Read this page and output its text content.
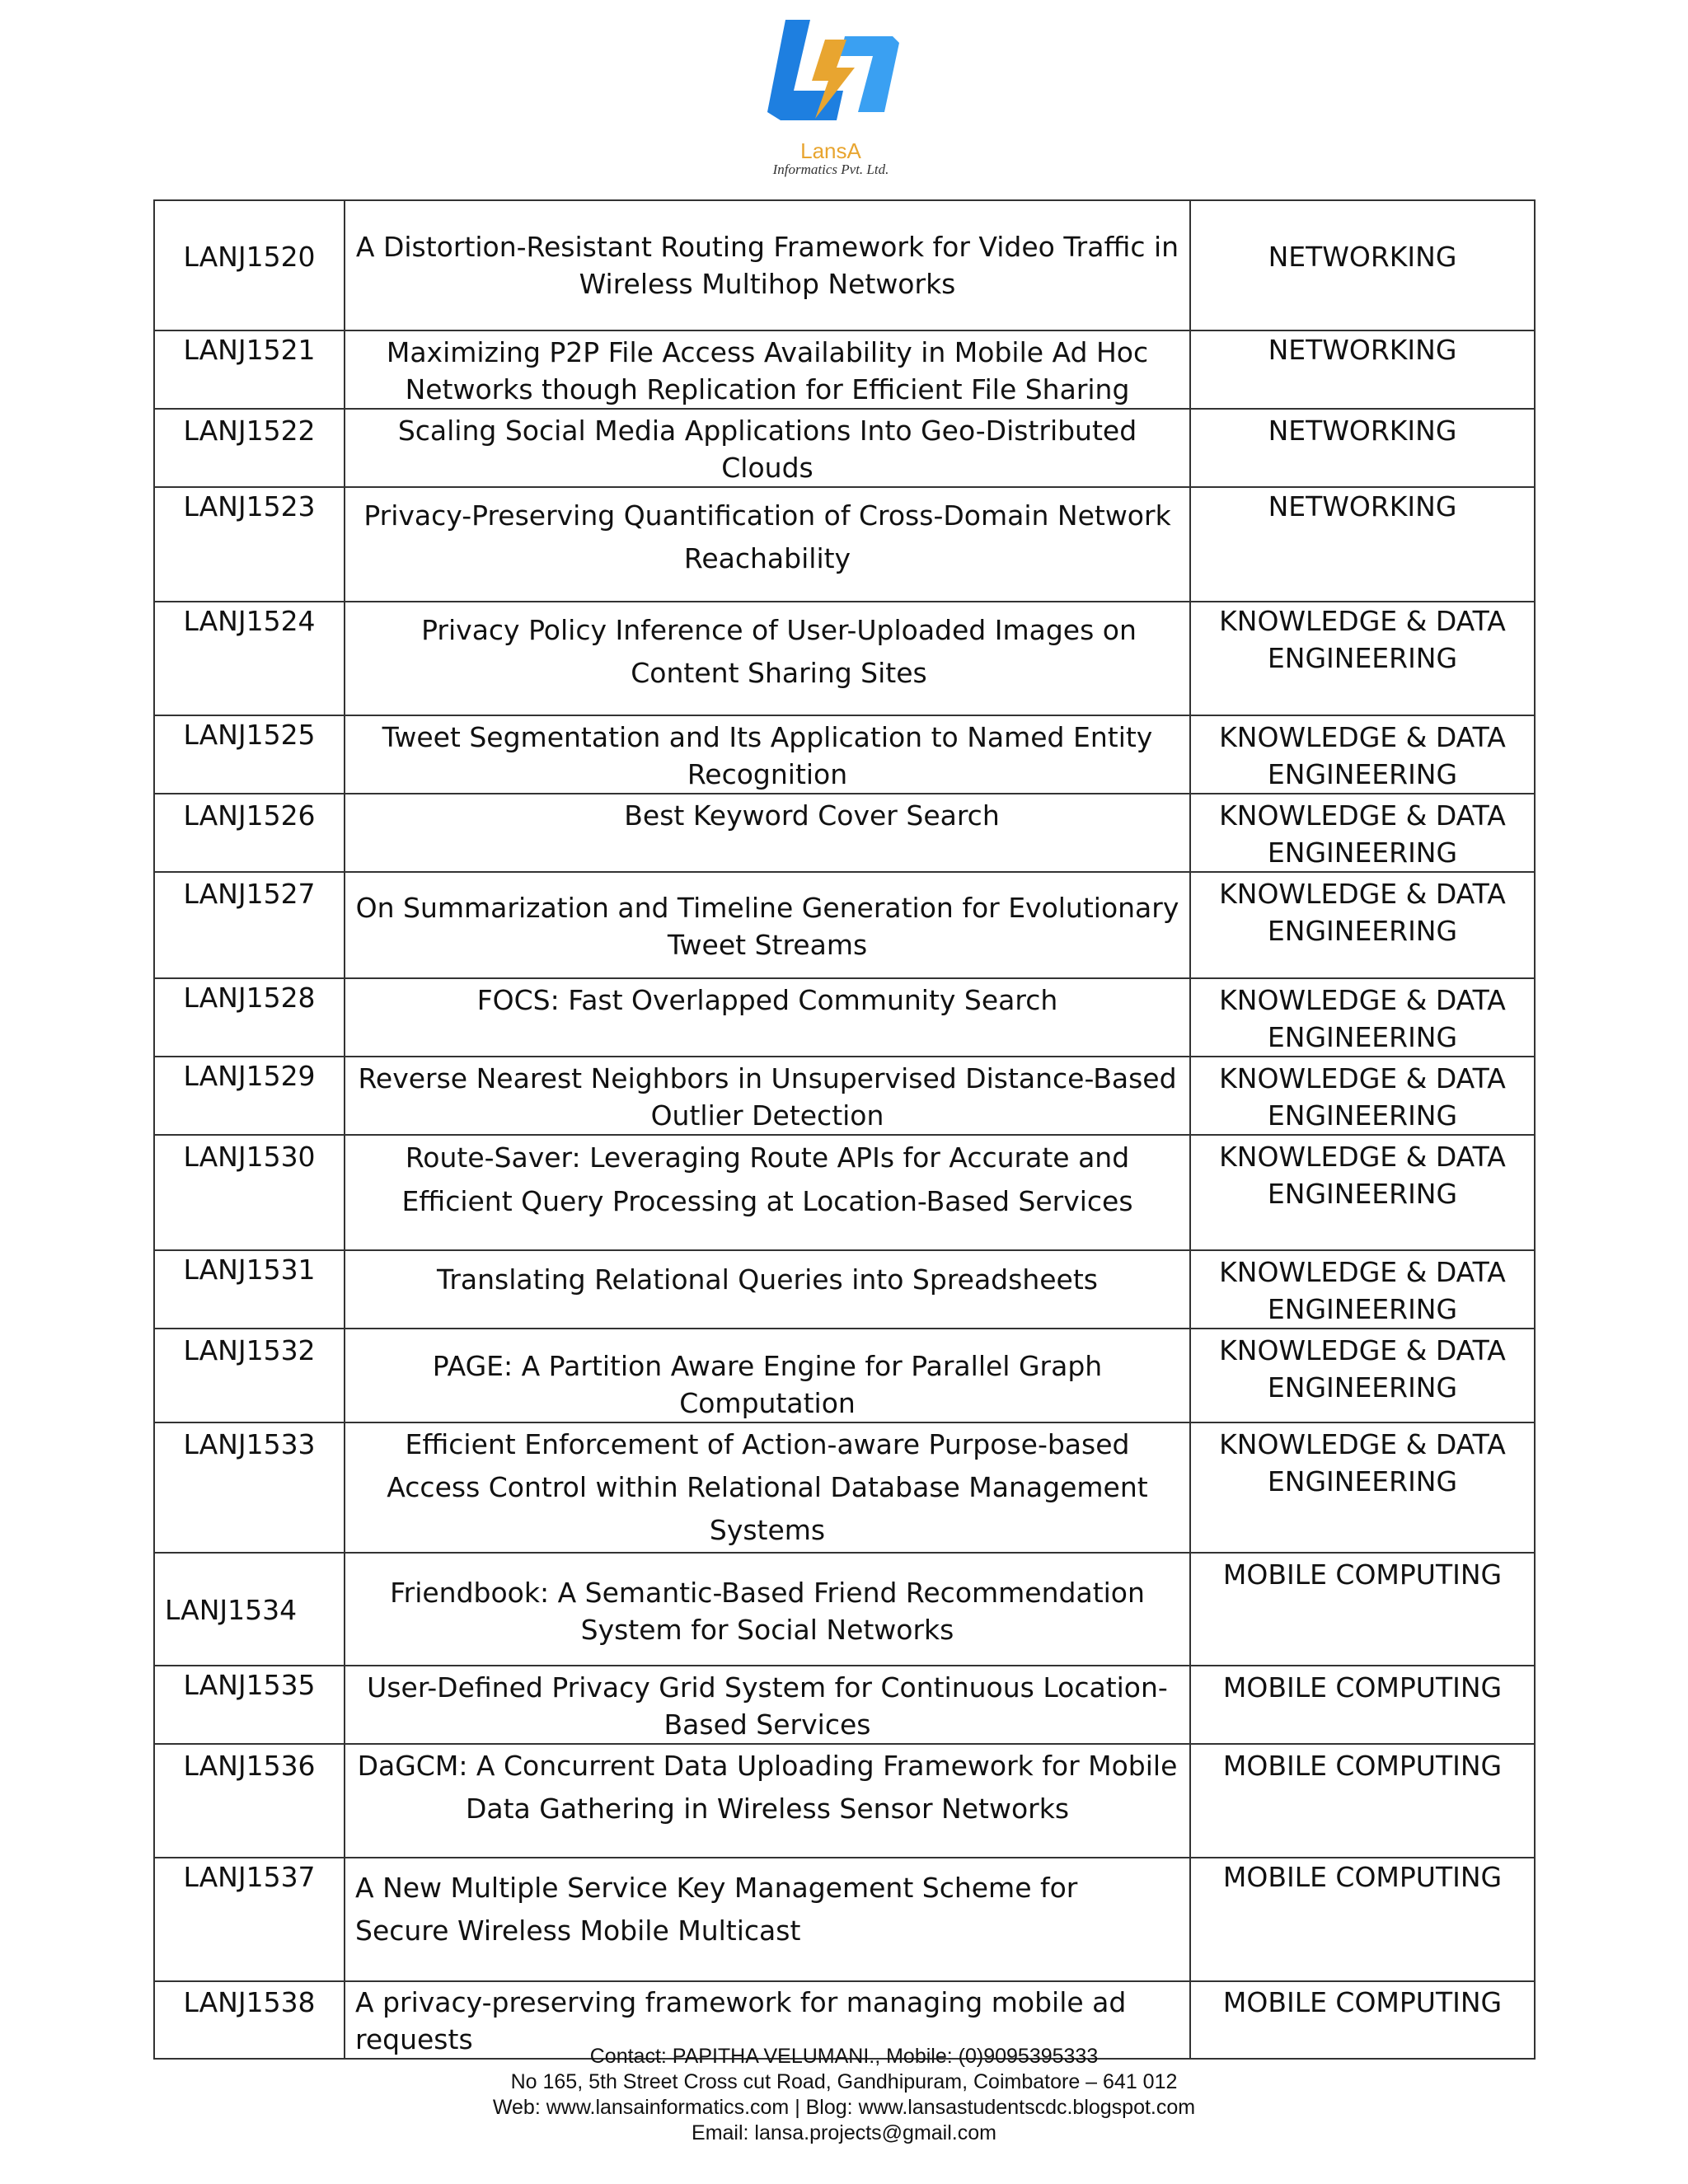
LansA
Informatics Pvt. Ltd.
LANJ1520	A Distortion-Resistant Routing Framework for Video Traffic in Wireless Multihop Networks	NETWORKING
LANJ1521	Maximizing P2P File Access Availability in Mobile Ad Hoc Networks though Replication for Efficient File Sharing	NETWORKING
LANJ1522	Scaling Social Media Applications Into Geo-Distributed Clouds	NETWORKING
LANJ1523	Privacy-Preserving Quantification of Cross-Domain Network Reachability	NETWORKING
LANJ1524	Privacy Policy Inference of User-Uploaded Images on Content Sharing Sites	KNOWLEDGE & DATA ENGINEERING
LANJ1525	Tweet Segmentation and Its Application to Named Entity Recognition	KNOWLEDGE & DATA ENGINEERING
LANJ1526	Best Keyword Cover Search	KNOWLEDGE & DATA ENGINEERING
LANJ1527	On Summarization and Timeline Generation for Evolutionary Tweet Streams	KNOWLEDGE & DATA ENGINEERING
LANJ1528	FOCS: Fast Overlapped Community Search	KNOWLEDGE & DATA ENGINEERING
LANJ1529	Reverse Nearest Neighbors in Unsupervised Distance-Based Outlier Detection	KNOWLEDGE & DATA ENGINEERING
LANJ1530	Route-Saver: Leveraging Route APIs for Accurate and Efficient Query Processing at Location-Based Services	KNOWLEDGE & DATA ENGINEERING
LANJ1531	Translating Relational Queries into Spreadsheets	KNOWLEDGE & DATA ENGINEERING
LANJ1532	PAGE: A Partition Aware Engine for Parallel Graph Computation	KNOWLEDGE & DATA ENGINEERING
LANJ1533	Efficient Enforcement of Action-aware Purpose-based Access Control within Relational Database Management Systems	KNOWLEDGE & DATA ENGINEERING
LANJ1534	Friendbook: A Semantic-Based Friend Recommendation System for Social Networks	MOBILE COMPUTING
LANJ1535	User-Defined Privacy Grid System for Continuous Location-Based Services	MOBILE COMPUTING
LANJ1536	DaGCM: A Concurrent Data Uploading Framework for Mobile Data Gathering in Wireless Sensor Networks	MOBILE COMPUTING
LANJ1537	A New Multiple Service Key Management Scheme for Secure Wireless Mobile Multicast	MOBILE COMPUTING
LANJ1538	A privacy-preserving framework for managing mobile ad requests	MOBILE COMPUTING
Contact: PAPITHA VELUMANI., Mobile: (0)9095395333
No 165, 5th Street Cross cut Road, Gandhipuram, Coimbatore – 641 012
Web: www.lansainformatics.com | Blog: www.lansastudentscdc.blogspot.com
Email: lansa.projects@gmail.com
